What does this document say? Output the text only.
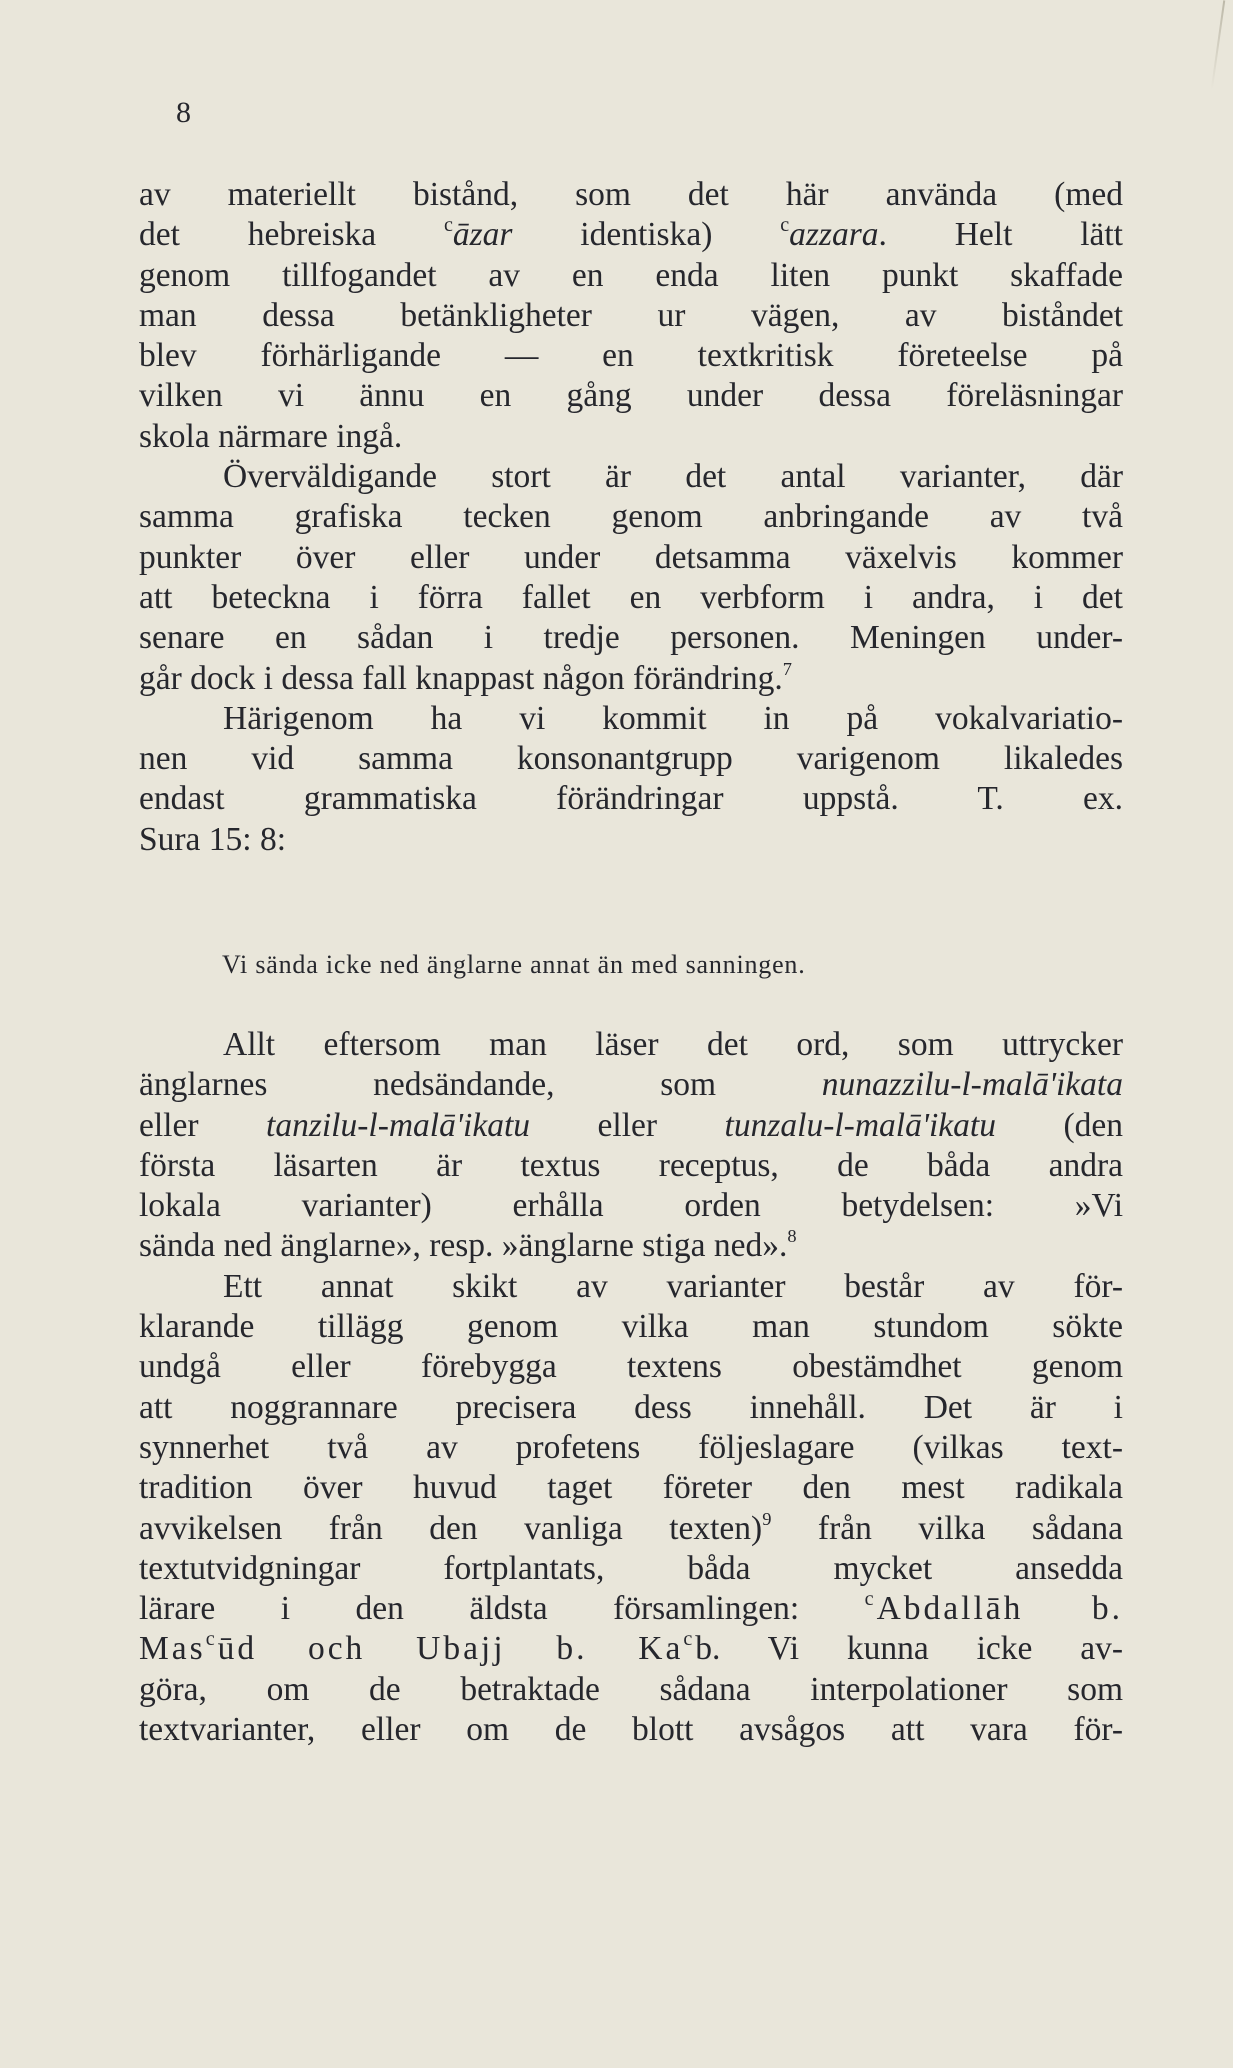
8
av materiellt bistånd, som det här använda (med
det hebreiska	$^c$āzar identiska) $^c$azzara. Helt lätt
genom tillfogandet av en enda liten punkt skaffade
man dessa betänkligheter ur vägen, av biståndet
blev förhärligande — en textkritisk företeelse på
vilken vi ännu en gång under dessa föreläsningar
skola närmare ingå.
Överväldigande stort är det antal varianter, där
samma grafiska tecken genom anbringande av två
punkter över eller under detsamma växelvis kommer
att beteckna i förra fallet en verbform i andra, i det
senare en sådan i tredje personen. Meningen under-
går dock i dessa fall knappast någon förändring.$^7$
Härigenom ha vi kommit in på vokalvariatio-
nen vid samma konsonantgrupp varigenom likaledes
endast grammatiska förändringar uppstå. T. ex.
Sura 15: 8:
Vi sända icke ned änglarne annat än med sanningen.
Allt eftersom man läser det ord, som uttrycker
änglarnes nedsändande, som	nunazzilu-l-malā'ikata
eller tanzilu-l-malā'ikatu eller tunzalu-l-malā'ikatu (den
första läsarten är textus receptus, de båda andra
lokala varianter) erhålla orden betydelsen: »Vi
sända ned änglarne», resp. »änglarne stiga ned».$^8$
Ett annat skikt av varianter består av för-
klarande tillägg genom vilka man stundom sökte
undgå eller förebygga textens obestämdhet genom
att noggrannare precisera dess innehåll. Det är i
synnerhet två av profetens följeslagare (vilkas text-
tradition över huvud taget företer den mest radikala
avvikelsen från den vanliga texten)$^9$ från vilka sådana
textutvidgningar fortplantats, båda mycket ansedda
lärare i den äldsta församlingen:	$^c$Abdallāh b.
Mas$^c$ūd och Ubajj b. Ka$^c$b. Vi kunna icke av-
göra, om de betraktade sådana interpolationer som
textvarianter, eller om de blott avsågos att vara för-
